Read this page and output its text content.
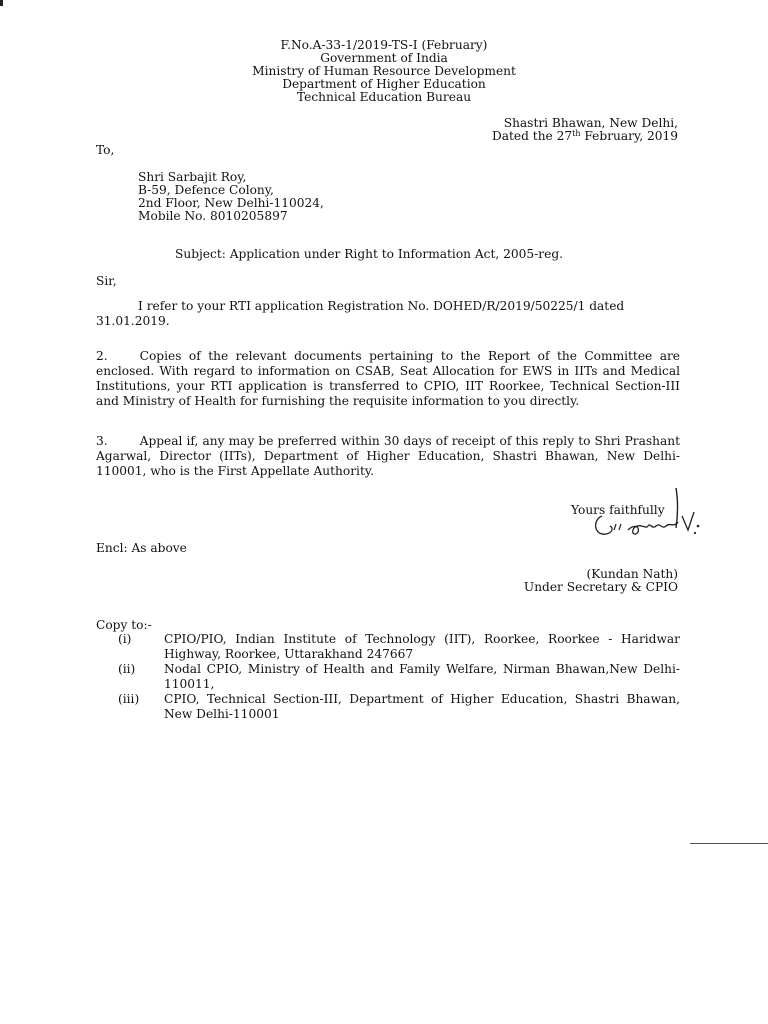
F.No.A-33-1/2019-TS-I (February)
Government of India
Ministry of Human Resource Development
Department of Higher Education
Technical Education Bureau
Shastri Bhawan, New Delhi,
Dated the 27th February, 2019
To,
Shri Sarbajit Roy,
B-59, Defence Colony,
2nd Floor, New Delhi-110024,
Mobile No. 8010205897
Subject: Application under Right to Information Act, 2005-reg.
Sir,
I refer to your RTI application Registration No. DOHED/R/2019/50225/1 dated
31.01.2019.
2.	Copies of the relevant documents pertaining to the Report of the Committee are enclosed. With regard to information on CSAB, Seat Allocation for EWS in IITs and Medical Institutions, your RTI application is transferred to CPIO, IIT Roorkee, Technical Section-III and Ministry of Health for furnishing the requisite information to you directly.
3.	Appeal if, any may be preferred within 30 days of receipt of this reply to Shri Prashant Agarwal, Director (IITs), Department of Higher Education, Shastri Bhawan, New Delhi-110001, who is the First Appellate Authority.
Yours faithfully
Encl: As above
(Kundan Nath)
Under Secretary & CPIO
Copy to:-
(i)	CPIO/PIO, Indian Institute of Technology (IIT), Roorkee, Roorkee - Haridwar Highway, Roorkee, Uttarakhand 247667
(ii) Nodal CPIO, Ministry of Health and Family Welfare, Nirman Bhawan,New Delhi-110011,
(iii) CPIO, Technical Section-III, Department of Higher Education, Shastri Bhawan, New Delhi-110001
